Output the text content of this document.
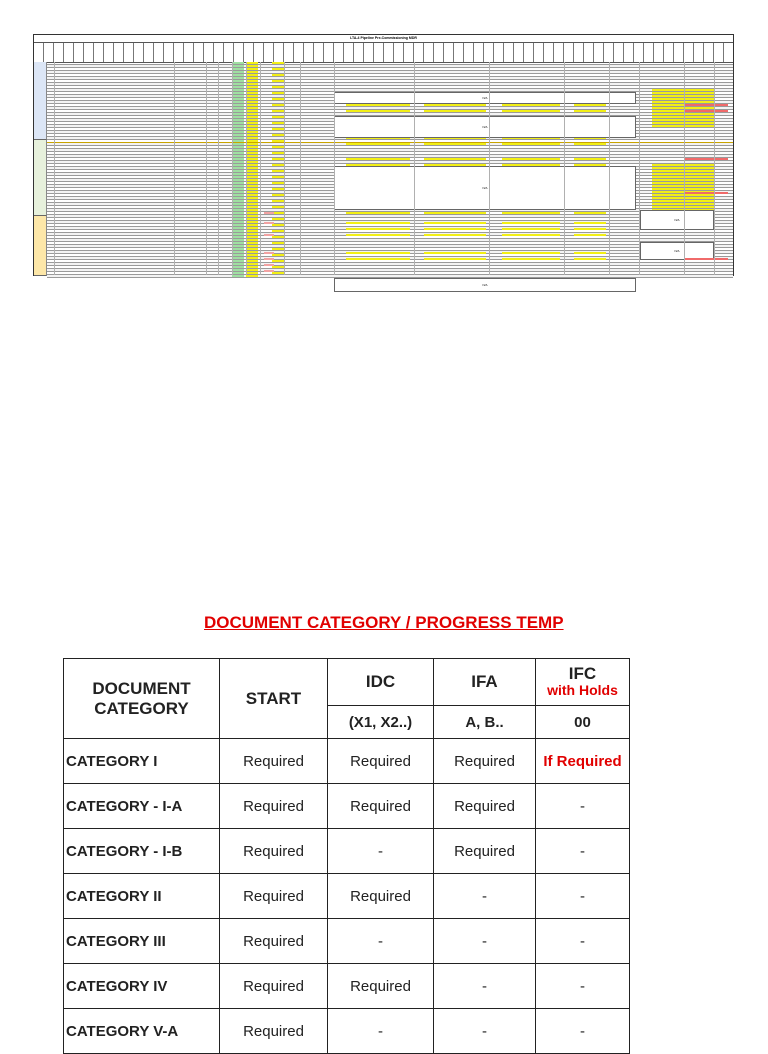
LTA-4 Pipeline Pre-Commissioning MDR
N/A
N/A
N/A
N/A
N/A
N/A
DOCUMENT CATEGORY / PROGRESS TEMP
DOCUMENT CATEGORY	START	IDC	IFA	IFC
with Holds

		(X1, X2..)	A, B..	00
CATEGORY I	Required	Required	Required	If Required
CATEGORY - I-A	Required	Required	Required	-
CATEGORY - I-B	Required	-	Required	-
CATEGORY II	Required	Required	-	-
CATEGORY III	Required	-	-	-
CATEGORY IV	Required	Required	-	-
CATEGORY V-A	Required	-	-	-
